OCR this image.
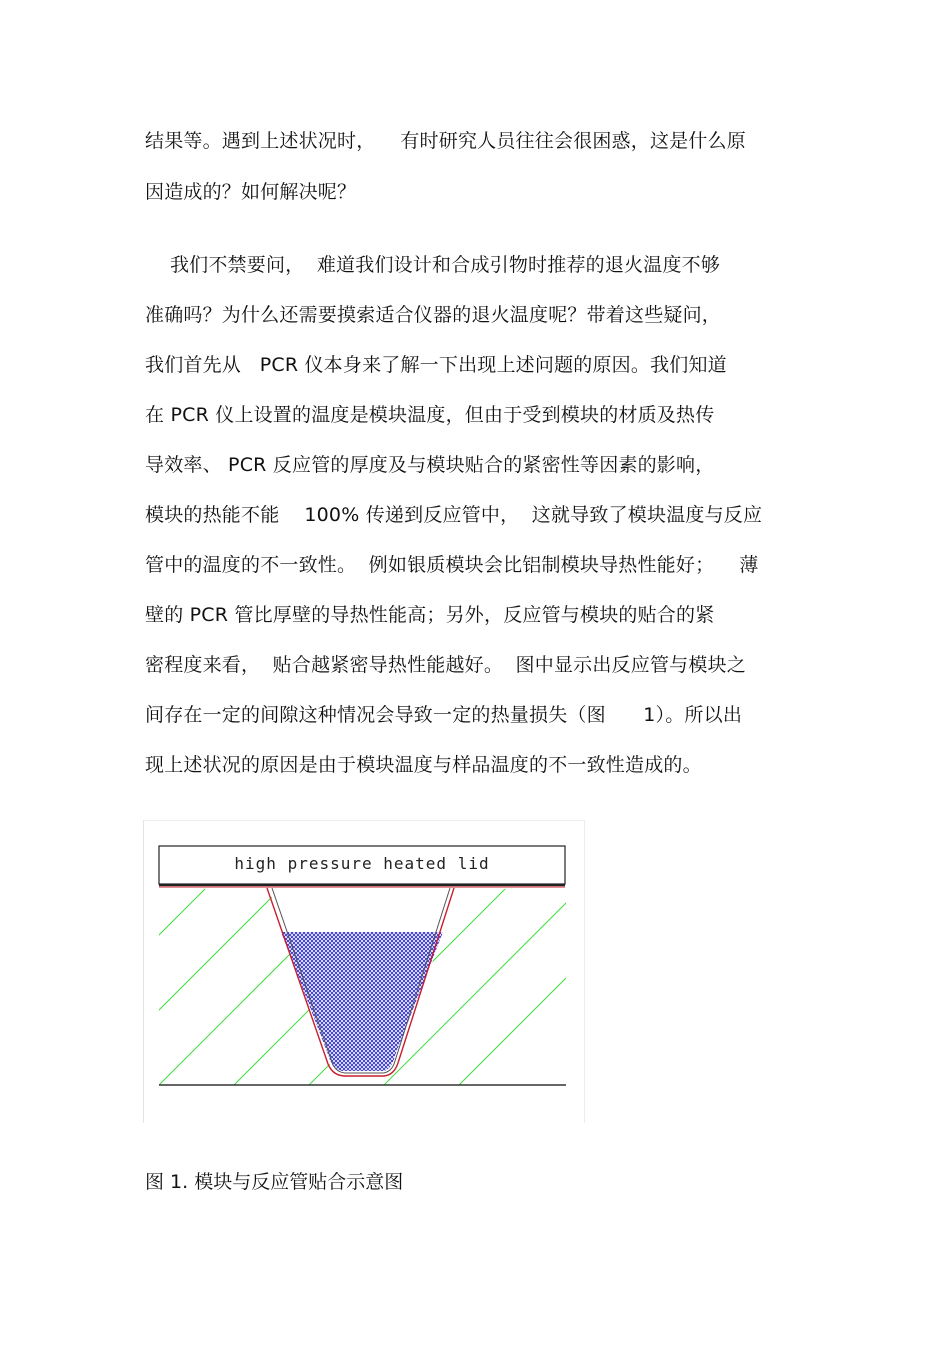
结果等。遇到上述状况时，    有时研究人员往往会很困惑，这是什么原
因造成的？如何解决呢？
我们不禁要问，  难道我们设计和合成引物时推荐的退火温度不够
准确吗？为什么还需要摸索适合仪器的退火温度呢？带着这些疑问，
我们首先从   PCR 仪本身来了解一下出现上述问题的原因。我们知道
在 PCR 仪上设置的温度是模块温度，但由于受到模块的材质及热传
导效率、 PCR 反应管的厚度及与模块贴合的紧密性等因素的影响，
模块的热能不能    100% 传递到反应管中，  这就导致了模块温度与反应
管中的温度的不一致性。  例如银质模块会比铝制模块导热性能好；    薄
壁的 PCR 管比厚壁的导热性能高；另外，反应管与模块的贴合的紧
密程度来看，  贴合越紧密导热性能越好。  图中显示出反应管与模块之
间存在一定的间隙这种情况会导致一定的热量损失（图      1）。所以出
现上述状况的原因是由于模块温度与样品温度的不一致性造成的。
high pressure heated lid
图 1. 模块与反应管贴合示意图
